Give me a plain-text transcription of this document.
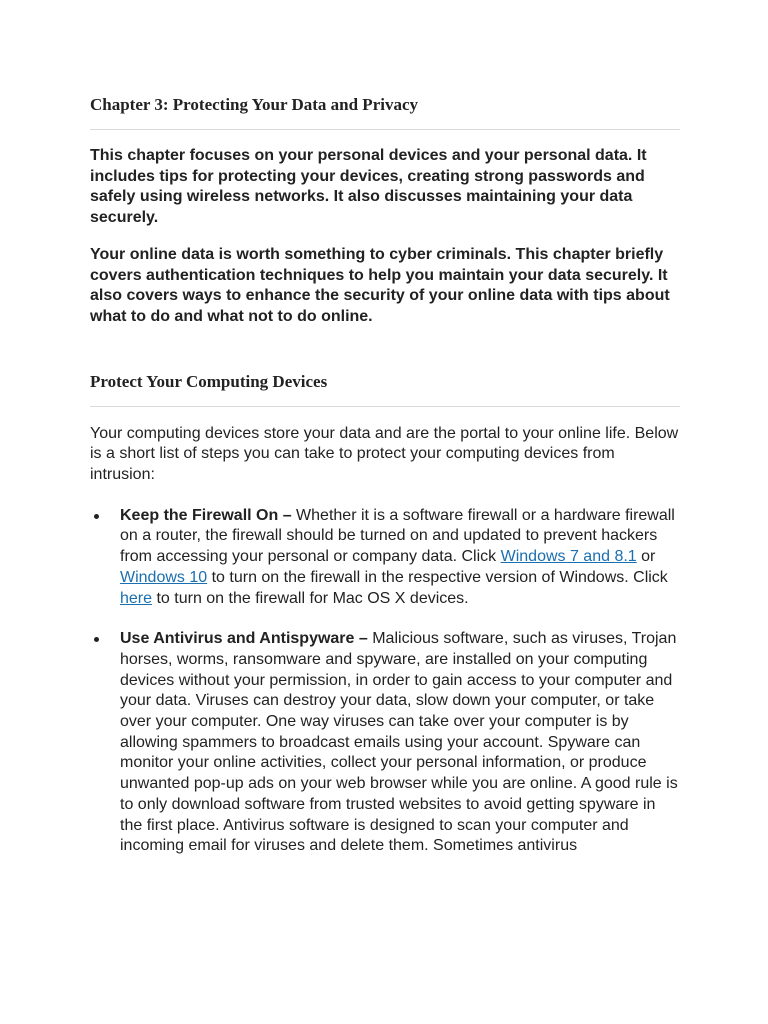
Chapter 3: Protecting Your Data and Privacy

This chapter focuses on your personal devices and your personal data. It includes tips for protecting your devices, creating strong passwords and safely using wireless networks. It also discusses maintaining your data securely.

Your online data is worth something to cyber criminals. This chapter briefly covers authentication techniques to help you maintain your data securely. It also covers ways to enhance the security of your online data with tips about what to do and what not to do online.

Protect Your Computing Devices

Your computing devices store your data and are the portal to your online life. Below is a short list of steps you can take to protect your computing devices from intrusion:

Keep the Firewall On – Whether it is a software firewall or a hardware firewall on a router, the firewall should be turned on and updated to prevent hackers from accessing your personal or company data. Click Windows 7 and 8.1 or Windows 10 to turn on the firewall in the respective version of Windows. Click here to turn on the firewall for Mac OS X devices.
Use Antivirus and Antispyware – Malicious software, such as viruses, Trojan horses, worms, ransomware and spyware, are installed on your computing devices without your permission, in order to gain access to your computer and your data. Viruses can destroy your data, slow down your computer, or take over your computer. One way viruses can take over your computer is by allowing spammers to broadcast emails using your account. Spyware can monitor your online activities, collect your personal information, or produce unwanted pop-up ads on your web browser while you are online. A good rule is to only download software from trusted websites to avoid getting spyware in the first place. Antivirus software is designed to scan your computer and incoming email for viruses and delete them. Sometimes antivirus
